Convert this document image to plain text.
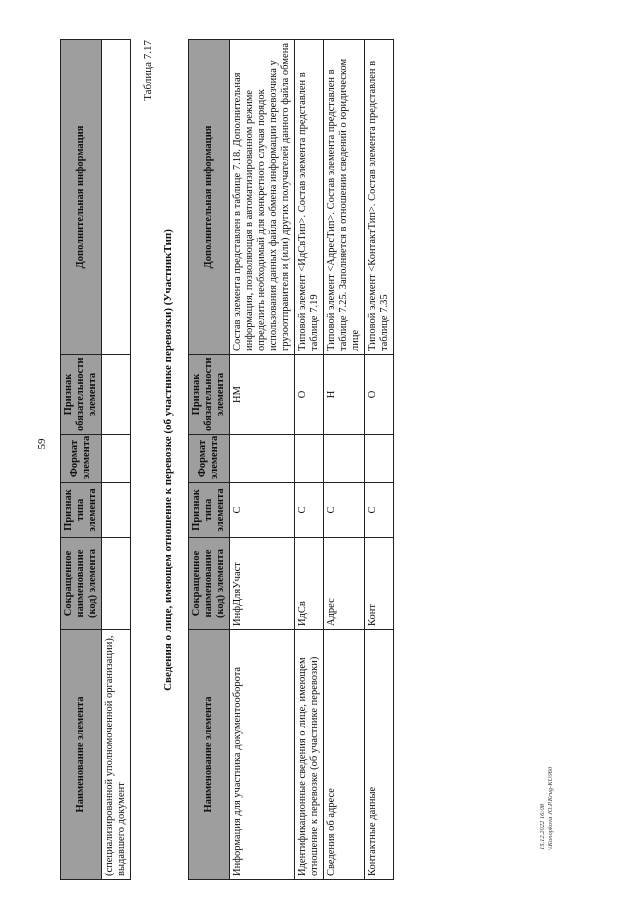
59
15.12.2022 16:08 \\Konopkova JO.P.Krug-KU060
Наименование элемента	Сокращенное наименование (код) элемента	Признак типа элемента	Формат элемента	Признак обязательности элемента	Дополнительная информация
(специализированной уполномоченной организации), выдавшего документ					
Таблица 7.17
Сведения о лице, имеющем отношение к перевозке (об участнике перевозки) (УчастникТип)
Наименование элемента	Сокращенное наименование (код) элемента	Признак типа элемента	Формат элемента	Признак обязательности элемента	Дополнительная информация
Информация для участника документооборота	ИнфДляУчаст	С		НМ	Состав элемента представлен в таблице 7.18. Дополнительная информация, позволяющая в автоматизированном режиме определить необходимый для конкретного случая порядок использования данных файла обмена информации перевозчика у грузоотправителя и (или) других получателей данного файла обмена
Идентификационные сведения о лице, имеющем отношение к перевозке (об участнике перевозки)	ИдСв	С		О	Типовой элемент <ИдСвТип>. Состав элемента представлен в таблице 7.19
Сведения об адресе	Адрес	С		Н	Типовой элемент <АдресТип>. Состав элемента представлен в таблице 7.25. Заполняется в отношении сведений о юридическом лице
Контактные данные	Конт	С		О	Типовой элемент <КонтактТип>. Состав элемента представлен в таблице 7.35
